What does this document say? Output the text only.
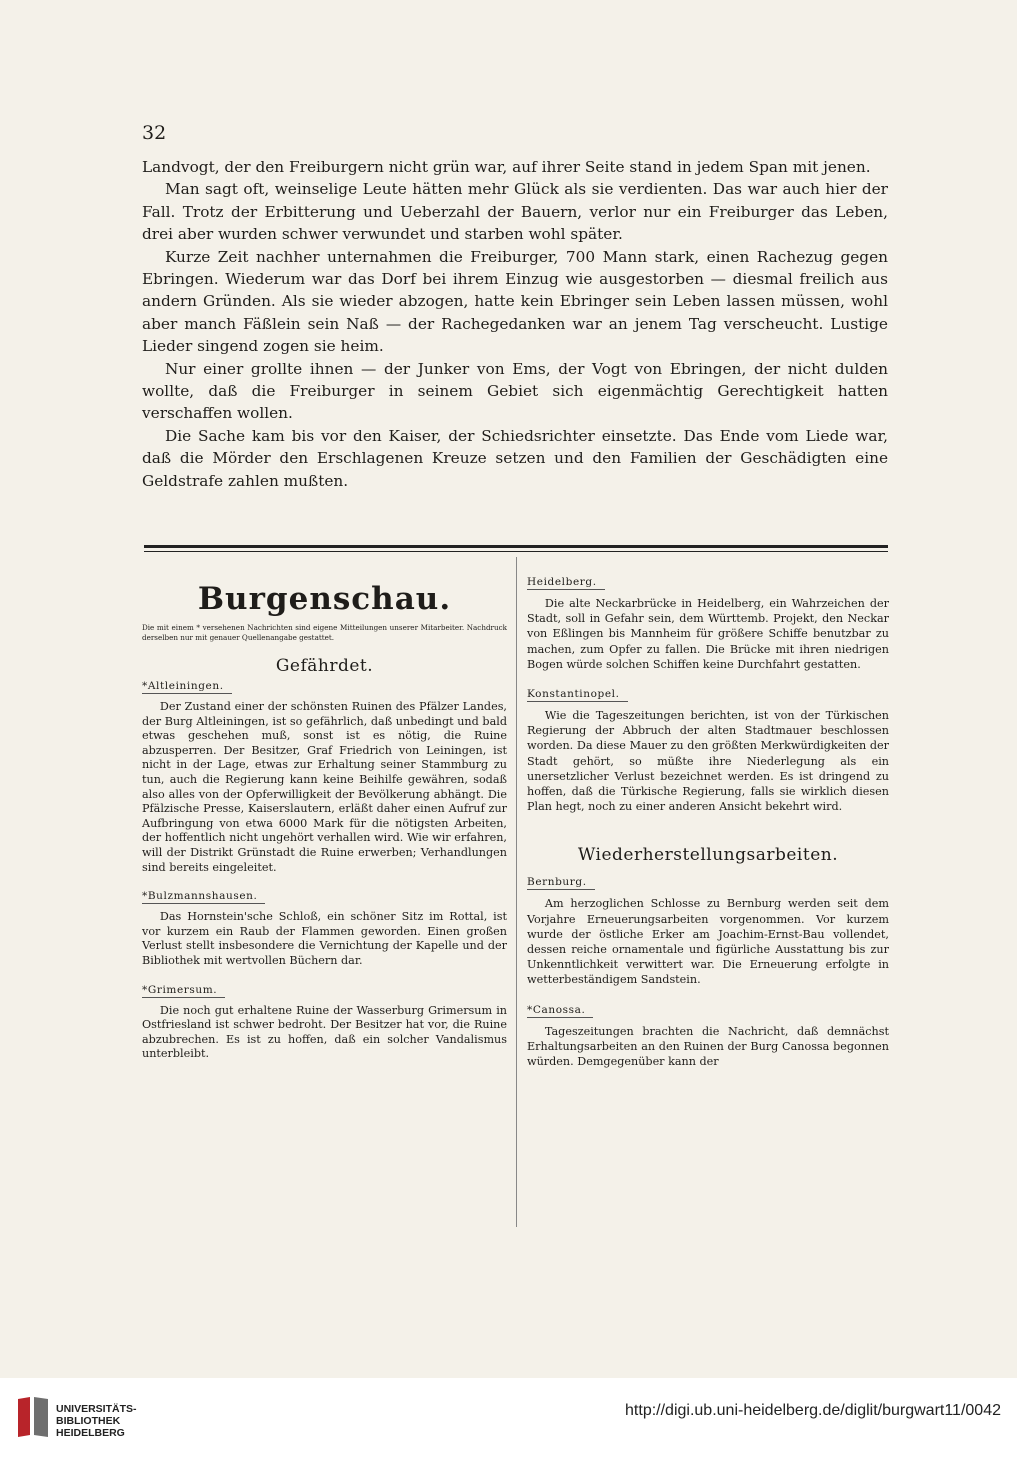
32

Landvogt, der den Freiburgern nicht grün war, auf ihrer Seite stand in jedem Span mit jenen.

Man sagt oft, weinselige Leute hätten mehr Glück als sie verdienten. Das war auch hier der Fall. Trotz der Erbitterung und Ueberzahl der Bauern, verlor nur ein Freiburger das Leben, drei aber wurden schwer verwundet und starben wohl später.

Kurze Zeit nachher unternahmen die Freiburger, 700 Mann stark, einen Rachezug gegen Ebringen. Wiederum war das Dorf bei ihrem Einzug wie ausgestorben — diesmal freilich aus andern Gründen. Als sie wieder abzogen, hatte kein Ebringer sein Leben lassen müssen, wohl aber manch Fäßlein sein Naß — der Rachegedanken war an jenem Tag verscheucht. Lustige Lieder singend zogen sie heim.

Nur einer grollte ihnen — der Junker von Ems, der Vogt von Ebringen, der nicht dulden wollte, daß die Freiburger in seinem Gebiet sich eigenmächtig Gerechtigkeit hatten verschaffen wollen.

Die Sache kam bis vor den Kaiser, der Schiedsrichter einsetzte. Das Ende vom Liede war, daß die Mörder den Erschlagenen Kreuze setzen und den Familien der Geschädigten eine Geldstrafe zahlen mußten.

Burgenschau.
Die mit einem * versehenen Nachrichten sind eigene Mitteilungen unserer Mitarbeiter. Nachdruck derselben nur mit genauer Quellenangabe gestattet.
Gefährdet.
*Altleiningen.

Der Zustand einer der schönsten Ruinen des Pfälzer Landes, der Burg Altleiningen, ist so gefährlich, daß unbedingt und bald etwas geschehen muß, sonst ist es nötig, die Ruine abzusperren. Der Besitzer, Graf Friedrich von Leiningen, ist nicht in der Lage, etwas zur Erhaltung seiner Stammburg zu tun, auch die Regierung kann keine Beihilfe gewähren, sodaß also alles von der Opferwilligkeit der Bevölkerung abhängt. Die Pfälzische Presse, Kaiserslautern, erläßt daher einen Aufruf zur Aufbringung von etwa 6000 Mark für die nötigsten Arbeiten, der hoffentlich nicht ungehört verhallen wird. Wie wir erfahren, will der Distrikt Grünstadt die Ruine erwerben; Verhandlungen sind bereits eingeleitet.

*Bulzmannshausen.

Das Hornstein'sche Schloß, ein schöner Sitz im Rottal, ist vor kurzem ein Raub der Flammen geworden. Einen großen Verlust stellt insbesondere die Vernichtung der Kapelle und der Bibliothek mit wertvollen Büchern dar.

*Grimersum.

Die noch gut erhaltene Ruine der Wasserburg Grimersum in Ostfriesland ist schwer bedroht. Der Besitzer hat vor, die Ruine abzubrechen. Es ist zu hoffen, daß ein solcher Vandalismus unterbleibt.

Heidelberg.

Die alte Neckarbrücke in Heidelberg, ein Wahrzeichen der Stadt, soll in Gefahr sein, dem Württemb. Projekt, den Neckar von Eßlingen bis Mannheim für größere Schiffe benutzbar zu machen, zum Opfer zu fallen. Die Brücke mit ihren niedrigen Bogen würde solchen Schiffen keine Durchfahrt gestatten.

Konstantinopel.

Wie die Tageszeitungen berichten, ist von der Türkischen Regierung der Abbruch der alten Stadtmauer beschlossen worden. Da diese Mauer zu den größten Merkwürdigkeiten der Stadt gehört, so müßte ihre Niederlegung als ein unersetzlicher Verlust bezeichnet werden. Es ist dringend zu hoffen, daß die Türkische Regierung, falls sie wirklich diesen Plan hegt, noch zu einer anderen Ansicht bekehrt wird.

Wiederherstellungsarbeiten.
Bernburg.

Am herzoglichen Schlosse zu Bernburg werden seit dem Vorjahre Erneuerungsarbeiten vorgenommen. Vor kurzem wurde der östliche Erker am Joachim-Ernst-Bau vollendet, dessen reiche ornamentale und figürliche Ausstattung bis zur Unkenntlichkeit verwittert war. Die Erneuerung erfolgte in wetterbeständigem Sandstein.

*Canossa.

Tageszeitungen brachten die Nachricht, daß demnächst Erhaltungsarbeiten an den Ruinen der Burg Canossa begonnen würden. Demgegenüber kann der

UNIVERSITÄTS-
BIBLIOTHEK
HEIDELBERG
http://digi.ub.uni-heidelberg.de/diglit/burgwart11/0042
